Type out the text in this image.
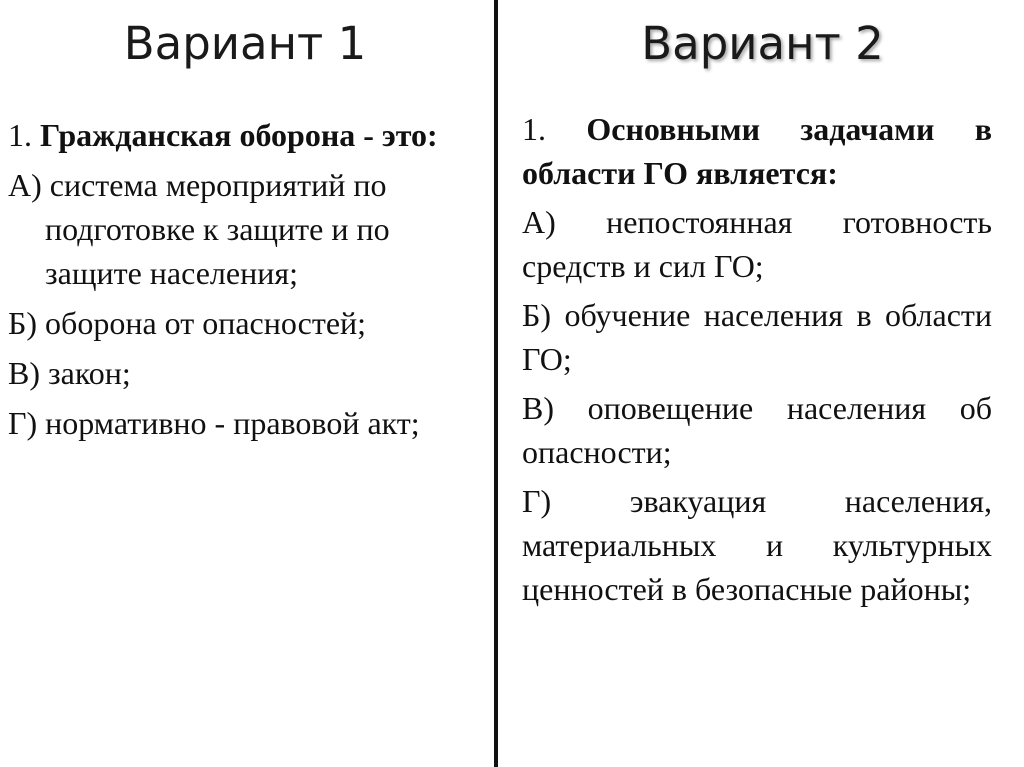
Вариант 1	Вариант 2

1. Гражданская оборона - это:

А) система мероприятий по подготовке к защите и по защите населения;

Б) оборона от опасностей;

В) закон;

Г) нормативно - правовой акт;

1. Основными задачами в области ГО является:

А) непостоянная готовность средств и сил ГО;

Б) обучение населения в области ГО;

В) оповещение населения об опасности;

Г) эвакуация населения, материальных и культурных ценностей в безопасные районы;
